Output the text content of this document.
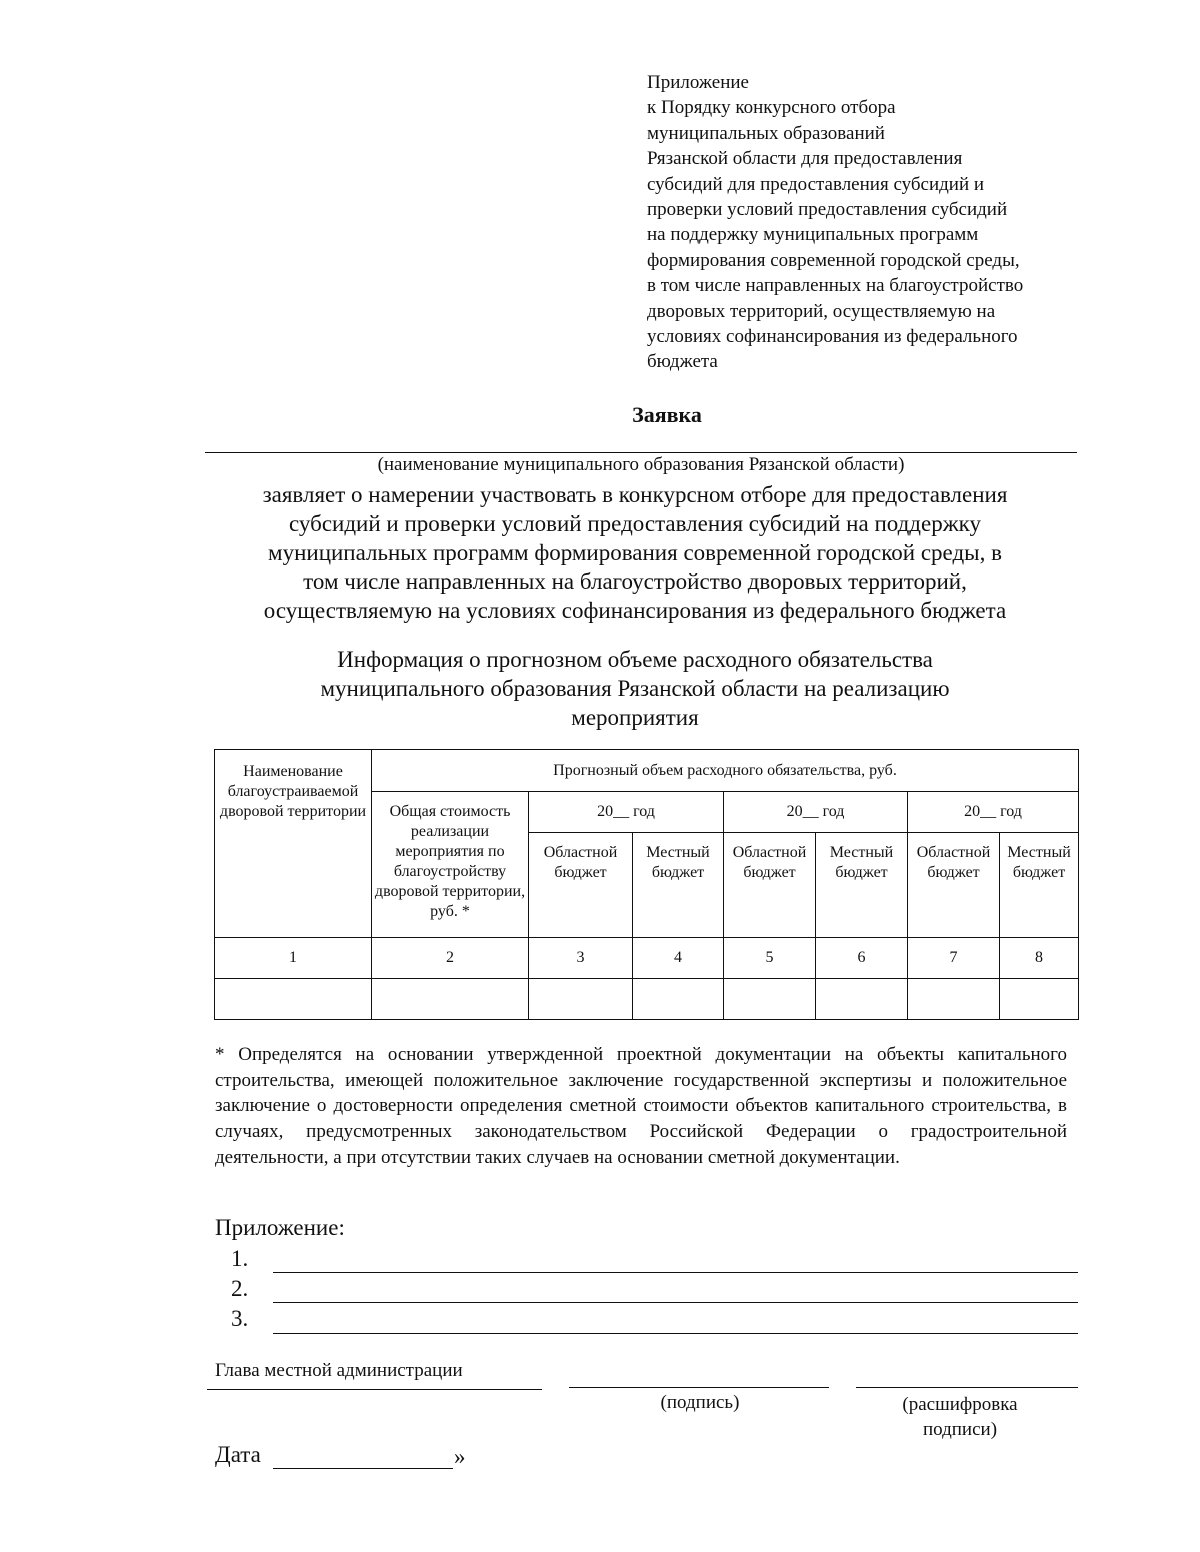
Приложение
к Порядку конкурсного отбора
муниципальных образований
Рязанской области для предоставления
субсидий для предоставления субсидий и
проверки условий предоставления субсидий
на поддержку муниципальных программ
формирования современной городской среды,
в том числе направленных на благоустройство
дворовых территорий, осуществляемую на
условиях софинансирования из федерального
бюджета
Заявка
(наименование муниципального образования Рязанской области)
заявляет о намерении участвовать в конкурсном отборе для предоставления
субсидий и проверки условий предоставления субсидий на поддержку
муниципальных программ формирования современной городской среды, в
том числе направленных на благоустройство дворовых территорий,
осуществляемую на условиях софинансирования из федерального бюджета
Информация о прогнозном объеме расходного обязательства
муниципального образования Рязанской области на реализацию
мероприятия
Наименование благоустраиваемой дворовой территории	Прогнозный объем расходного обязательства, руб.						
	Общая стоимость реализации мероприятия по благоустройству дворовой территории, руб. *	20__ год		20__ год		20__ год	
		Областной бюджет	Местный бюджет	Областной бюджет	Местный бюджет	Областной бюджет	Местный бюджет
1	2	3	4	5	6	7	8

* Определятся на основании утвержденной проектной документации на объекты капитального строительства, имеющей положительное заключение государственной экспертизы и положительное заключение о достоверности определения сметной стоимости объектов капитального строительства, в случаях, предусмотренных законодательством Российской Федерации о градостроительной деятельности, а при отсутствии таких случаев на основании сметной документации.
Приложение:
1.
2.
3.
Глава местной администрации
(подпись)	(расшифровка
подписи)
Дата	»
